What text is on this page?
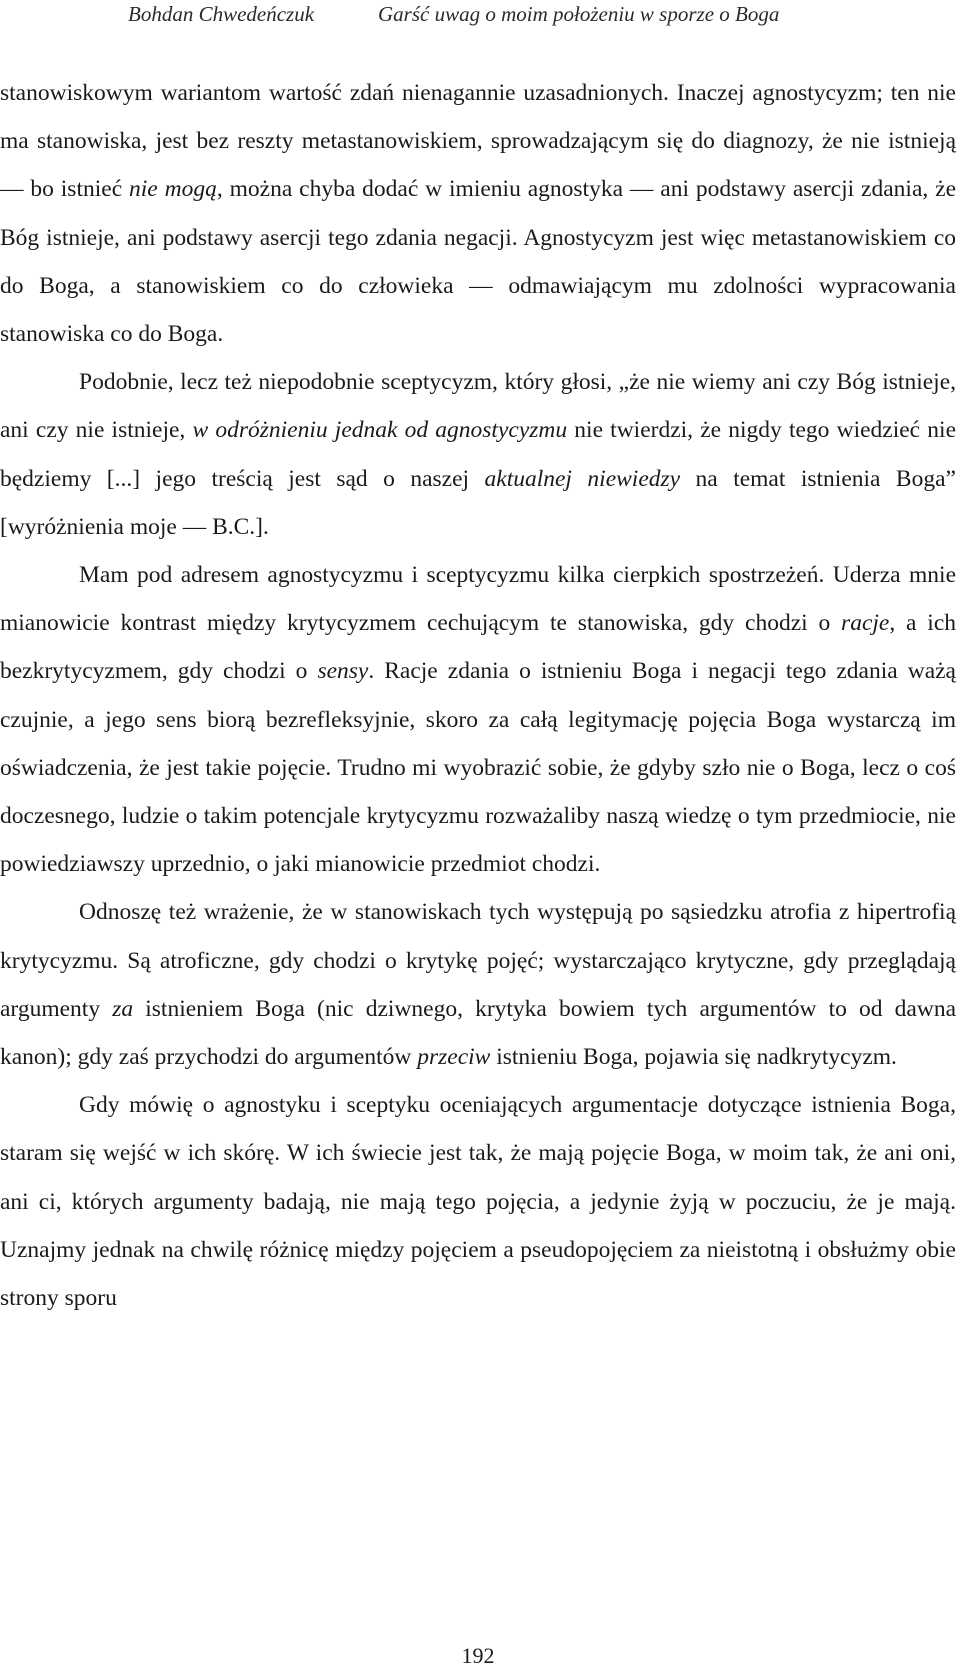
Bohdan Chwedeńczuk	Garść uwag o moim położeniu w sporze o Boga

stanowiskowym wariantom wartość zdań nienagannie uzasadnionych. Inaczej agnostycyzm; ten nie ma stanowiska, jest bez reszty metastanowiskiem, sprowadzającym się do diagnozy, że nie istnieją — bo istnieć nie mogą, można chyba dodać w imieniu agnostyka — ani podstawy asercji zdania, że Bóg istnieje, ani podstawy asercji tego zdania negacji. Agnostycyzm jest więc metastanowiskiem co do Boga, a stanowiskiem co do człowieka — odmawiającym mu zdolności wypracowania stanowiska co do Boga.

Podobnie, lecz też niepodobnie sceptycyzm, który głosi, „że nie wiemy ani czy Bóg istnieje, ani czy nie istnieje, w odróżnieniu jednak od agnostycyzmu nie twierdzi, że nigdy tego wiedzieć nie będziemy [...] jego treścią jest sąd o naszej aktualnej niewiedzy na temat istnienia Boga” [wyróżnienia moje — B.C.].

Mam pod adresem agnostycyzmu i sceptycyzmu kilka cierpkich spostrzeżeń. Uderza mnie mianowicie kontrast między krytycyzmem cechującym te stanowiska, gdy chodzi o racje, a ich bezkrytycyzmem, gdy chodzi o sensy. Racje zdania o istnieniu Boga i negacji tego zdania ważą czujnie, a jego sens biorą bezrefleksyjnie, skoro za całą legitymację pojęcia Boga wystarczą im oświadczenia, że jest takie pojęcie. Trudno mi wyobrazić sobie, że gdyby szło nie o Boga, lecz o coś doczesnego, ludzie o takim potencjale krytycyzmu rozważaliby naszą wiedzę o tym przedmiocie, nie powiedziawszy uprzednio, o jaki mianowicie przedmiot chodzi.

Odnoszę też wrażenie, że w stanowiskach tych występują po sąsiedzku atrofia z hipertrofią krytycyzmu. Są atroficzne, gdy chodzi o krytykę pojęć; wystarczająco krytyczne, gdy przeglądają argumenty za istnieniem Boga (nic dziwnego, krytyka bowiem tych argumentów to od dawna kanon); gdy zaś przychodzi do argumentów przeciw istnieniu Boga, pojawia się nadkrytycyzm.

Gdy mówię o agnostyku i sceptyku oceniających argumentacje dotyczące istnienia Boga, staram się wejść w ich skórę. W ich świecie jest tak, że mają pojęcie Boga, w moim tak, że ani oni, ani ci, których argumenty badają, nie mają tego pojęcia, a jedynie żyją w poczuciu, że je mają. Uznajmy jednak na chwilę różnicę między pojęciem a pseudopojęciem za nieistotną i obsłużmy obie strony sporu

192
